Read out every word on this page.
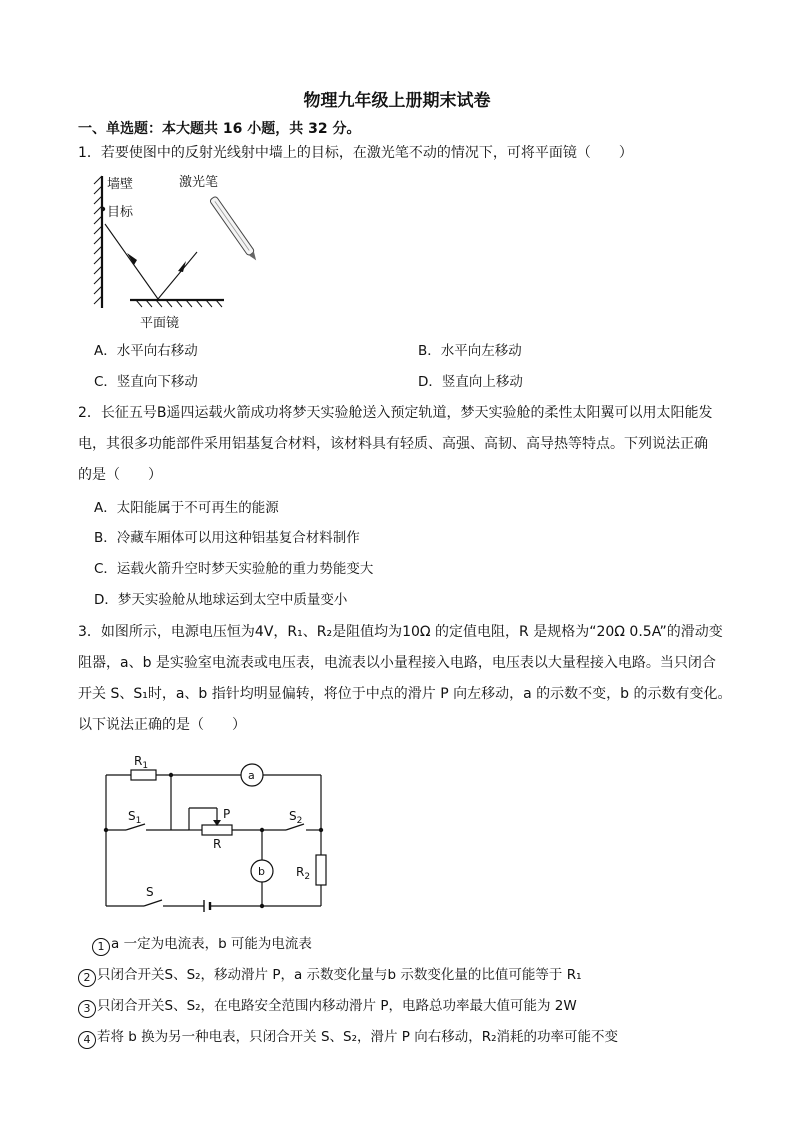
物理九年级上册期末试卷
一、单选题：本大题共 16 小题，共 32 分。
1．若要使图中的反射光线射中墙上的目标，在激光笔不动的情况下，可将平面镜（　　）
墙壁
目标
激光笔
平面镜
A．水平向右移动	B．水平向左移动
C．竖直向下移动	D．竖直向上移动
2．长征五号B遥四运载火箭成功将梦天实验舱送入预定轨道，梦天实验舱的柔性太阳翼可以用太阳能发
电，其很多功能部件采用铝基复合材料，该材料具有轻质、高强、高韧、高导热等特点。下列说法正确
的是（　　）
A．太阳能属于不可再生的能源
B．冷藏车厢体可以用这种铝基复合材料制作
C．运载火箭升空时梦天实验舱的重力势能变大
D．梦天实验舱从地球运到太空中质量变小
3．如图所示，电源电压恒为4V，R₁、R₂是阻值均为10Ω 的定值电阻，R 是规格为“20Ω 0.5A”的滑动变
阻器，a、b 是实验室电流表或电压表，电流表以小量程接入电路，电压表以大量程接入电路。当只闭合
开关 S、S₁时，a、b 指针均明显偏转，将位于中点的滑片 P 向左移动，a 的示数不变，b 的示数有变化。
以下说法正确的是（　　）
$R_1$
a
$S_1$	P
R
$S_2$
b	$R_2$
S
1 a 一定为电流表，b 可能为电流表
2 只闭合开关S、S₂，移动滑片 P，a 示数变化量与b 示数变化量的比值可能等于 R₁
3 只闭合开关S、S₂，在电路安全范围内移动滑片 P，电路总功率最大值可能为 2W
4 若将 b 换为另一种电表，只闭合开关 S、S₂，滑片 P 向右移动，R₂消耗的功率可能不变
